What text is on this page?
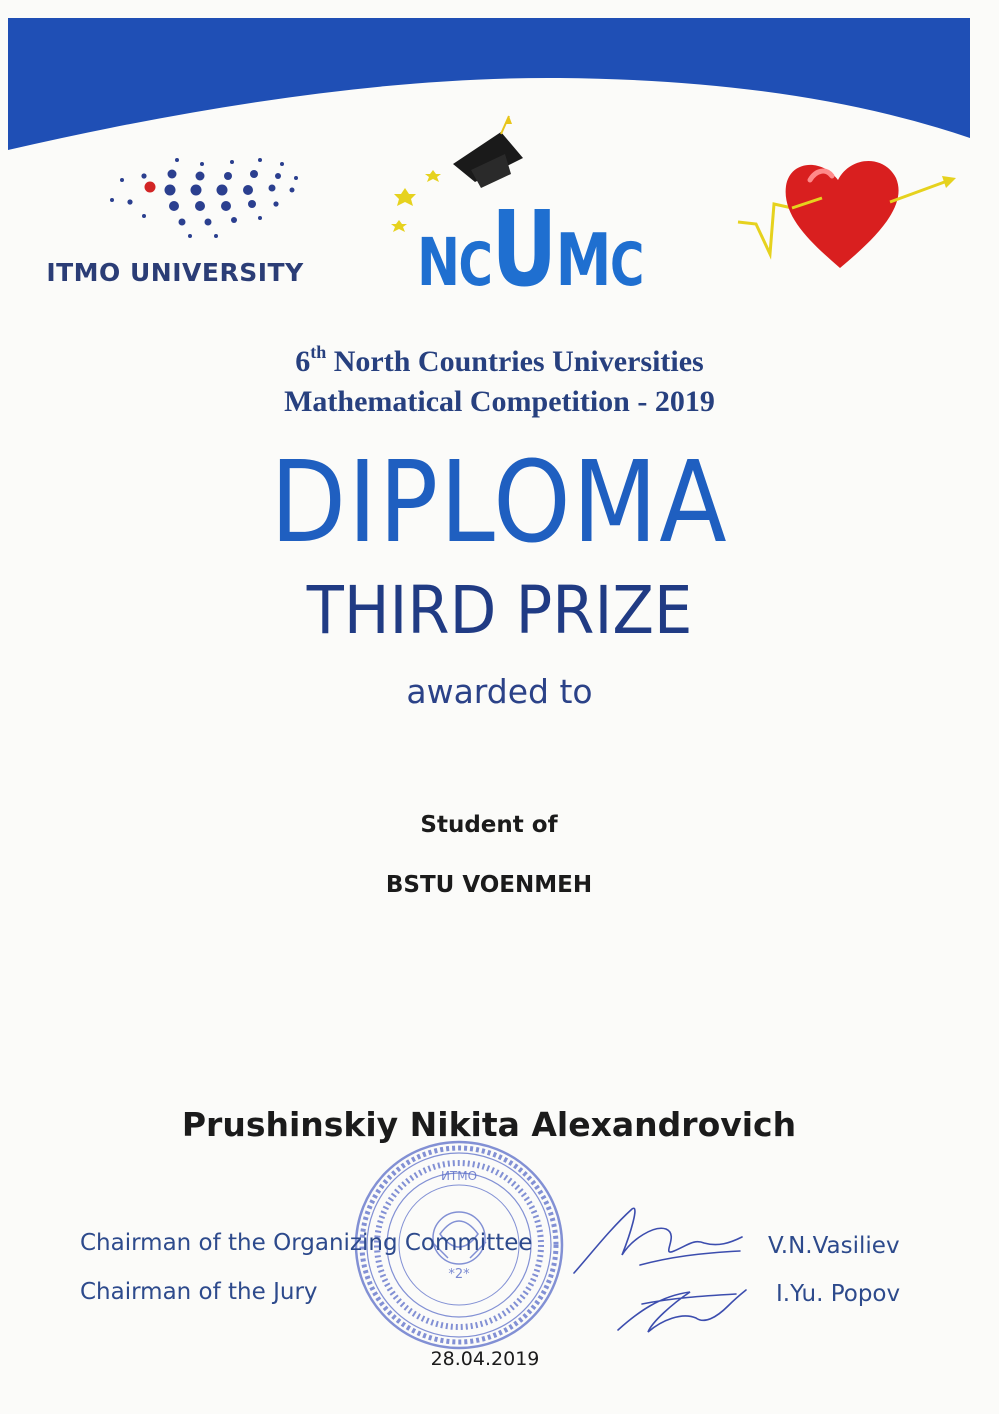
ITMO UNIVERSITY NCUMC
6th North Countries Universities
Mathematical Competition - 2019
DIPLOMA
THIRD PRIZE
awarded to
Student of
BSTU VOENMEH
Prushinskiy Nikita Alexandrovich
*2*
ИТМО
Chairman of the Organizing Committee
Chairman of the Jury
V.N.Vasiliev
I.Yu. Popov
28.04.2019
